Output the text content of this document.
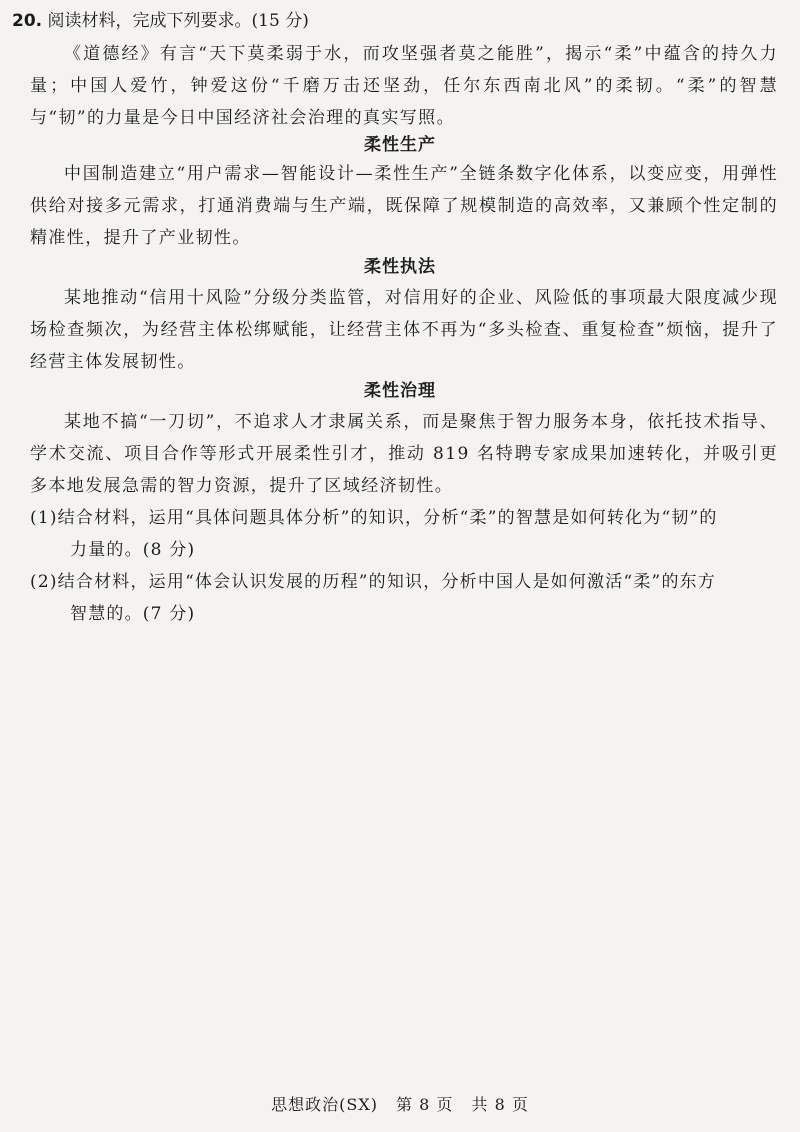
20. 阅读材料，完成下列要求。(15 分)
《道德经》有言“天下莫柔弱于水，而攻坚强者莫之能胜”，揭示“柔”中蕴含的持久力量；中国人爱竹，钟爱这份“千磨万击还坚劲，任尔东西南北风”的柔韧。“柔”的智慧与“韧”的力量是今日中国经济社会治理的真实写照。
柔性生产
中国制造建立“用户需求—智能设计—柔性生产”全链条数字化体系，以变应变，用弹性供给对接多元需求，打通消费端与生产端，既保障了规模制造的高效率，又兼顾个性定制的精准性，提升了产业韧性。
柔性执法
某地推动“信用十风险”分级分类监管，对信用好的企业、风险低的事项最大限度减少现场检查频次，为经营主体松绑赋能，让经营主体不再为“多头检查、重复检查”烦恼，提升了经营主体发展韧性。
柔性治理
某地不搞“一刀切”，不追求人才隶属关系，而是聚焦于智力服务本身，依托技术指导、学术交流、项目合作等形式开展柔性引才，推动 819 名特聘专家成果加速转化，并吸引更多本地发展急需的智力资源，提升了区域经济韧性。
(1)结合材料，运用“具体问题具体分析”的知识，分析“柔”的智慧是如何转化为“韧”的
力量的。(8 分)
(2)结合材料，运用“体会认识发展的历程”的知识，分析中国人是如何激活“柔”的东方
智慧的。(7 分)
思想政治(SX) 第 8 页 共 8 页
